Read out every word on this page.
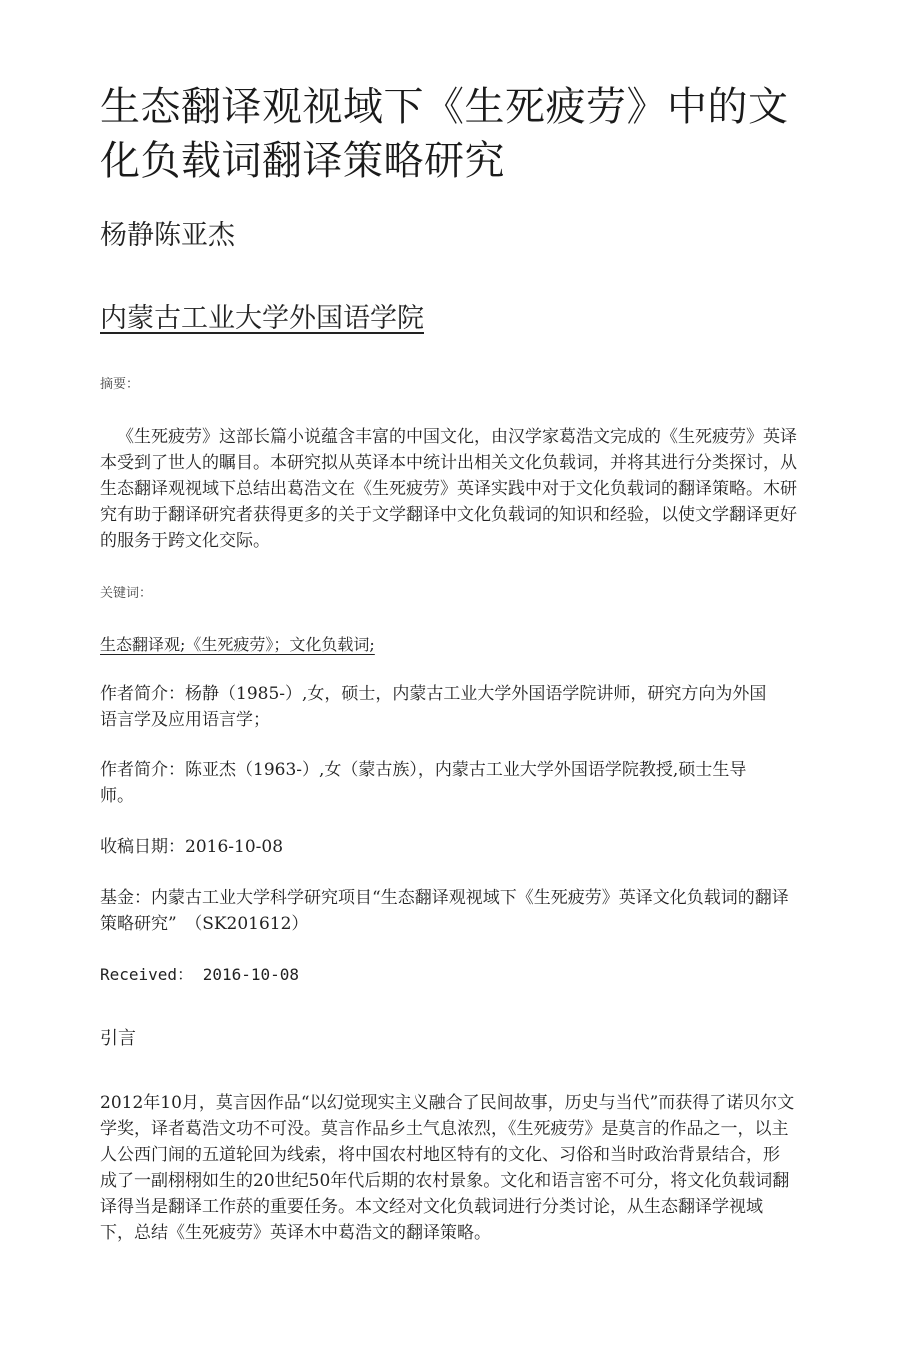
生态翻译观视域下《生死疲劳》中的文化负载词翻译策略研究
杨静陈亚杰
内蒙古工业大学外国语学院
摘要：

《生死疲劳》这部长篇小说蕴含丰富的中国文化，由汉学家葛浩文完成的《生死疲劳》英译本受到了世人的瞩目。本研究拟从英译本中统计出相关文化负载词，并将其进行分类探讨，从生态翻译观视域下总结出葛浩文在《生死疲劳》英译实践中对于文化负载词的翻译策略。木研究有助于翻译研究者获得更多的关于文学翻译中文化负载词的知识和经验，以使文学翻译更好的服务于跨文化交际。

关键词：

生态翻译观;《生死疲劳》；文化负载词;

作者简介：杨静（1985-）,女，硕士，内蒙古工业大学外国语学院讲师，研究方向为外国语言学及应用语言学；

作者简介：陈亚杰（1963-）,女（蒙古族），内蒙古工业大学外国语学院教授,硕士生导师。

收稿日期：2016-10-08

基金：内蒙古工业大学科学研究项目“生态翻译观视域下《生死疲劳》英译文化负载词的翻译策略研究”　（SK201612）

Received： 2016-10-08

引言

2012年10月，莫言因作品“以幻觉现实主义融合了民间故事，历史与当代”而获得了诺贝尔文学奖，译者葛浩文功不可没。莫言作品乡土气息浓烈，《生死疲劳》是莫言的作品之一，以主人公西门闹的五道轮回为线索，将中国农村地区特有的文化、习俗和当时政治背景结合，形成了一副栩栩如生的20世纪50年代后期的农村景象。文化和语言密不可分，将文化负载词翻译得当是翻译工作菸的重要任务。本文经对文化负载词进行分类讨论，从生态翻译学视域下，总结《生死疲劳》英译木中葛浩文的翻译策略。
